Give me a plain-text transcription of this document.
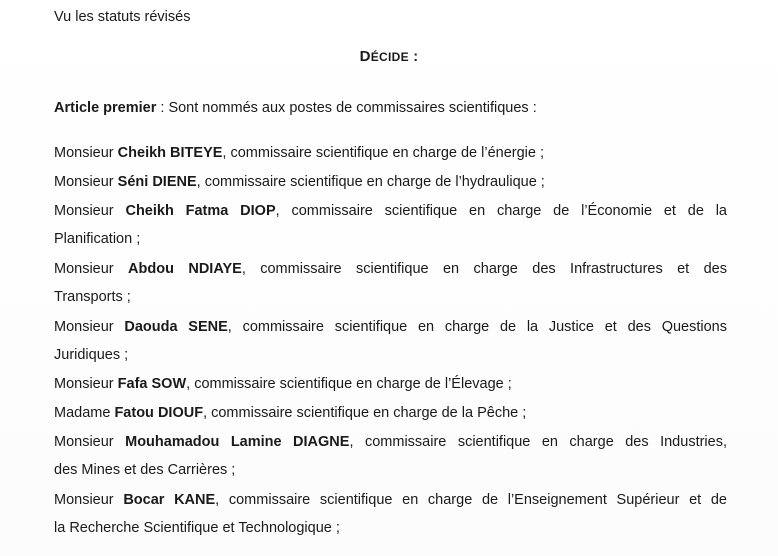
Vu les statuts révisés
DÉCIDE :
Article premier : Sont nommés aux postes de commissaires scientifiques :
Monsieur Cheikh BITEYE, commissaire scientifique en charge de l’énergie ;
Monsieur Séni DIENE, commissaire scientifique en charge de l’hydraulique ;
Monsieur Cheikh Fatma DIOP, commissaire scientifique en charge de l’Économie et de la
Planification ;
Monsieur Abdou NDIAYE, commissaire scientifique en charge des Infrastructures et des
Transports ;
Monsieur Daouda SENE, commissaire scientifique en charge de la Justice et des Questions
Juridiques ;
Monsieur Fafa SOW, commissaire scientifique en charge de l’Élevage ;
Madame Fatou DIOUF, commissaire scientifique en charge de la Pêche ;
Monsieur Mouhamadou Lamine DIAGNE, commissaire scientifique en charge des Industries,
des Mines et des Carrières ;
Monsieur Bocar KANE, commissaire scientifique en charge de l’Enseignement Supérieur et de
la Recherche Scientifique et Technologique ;
